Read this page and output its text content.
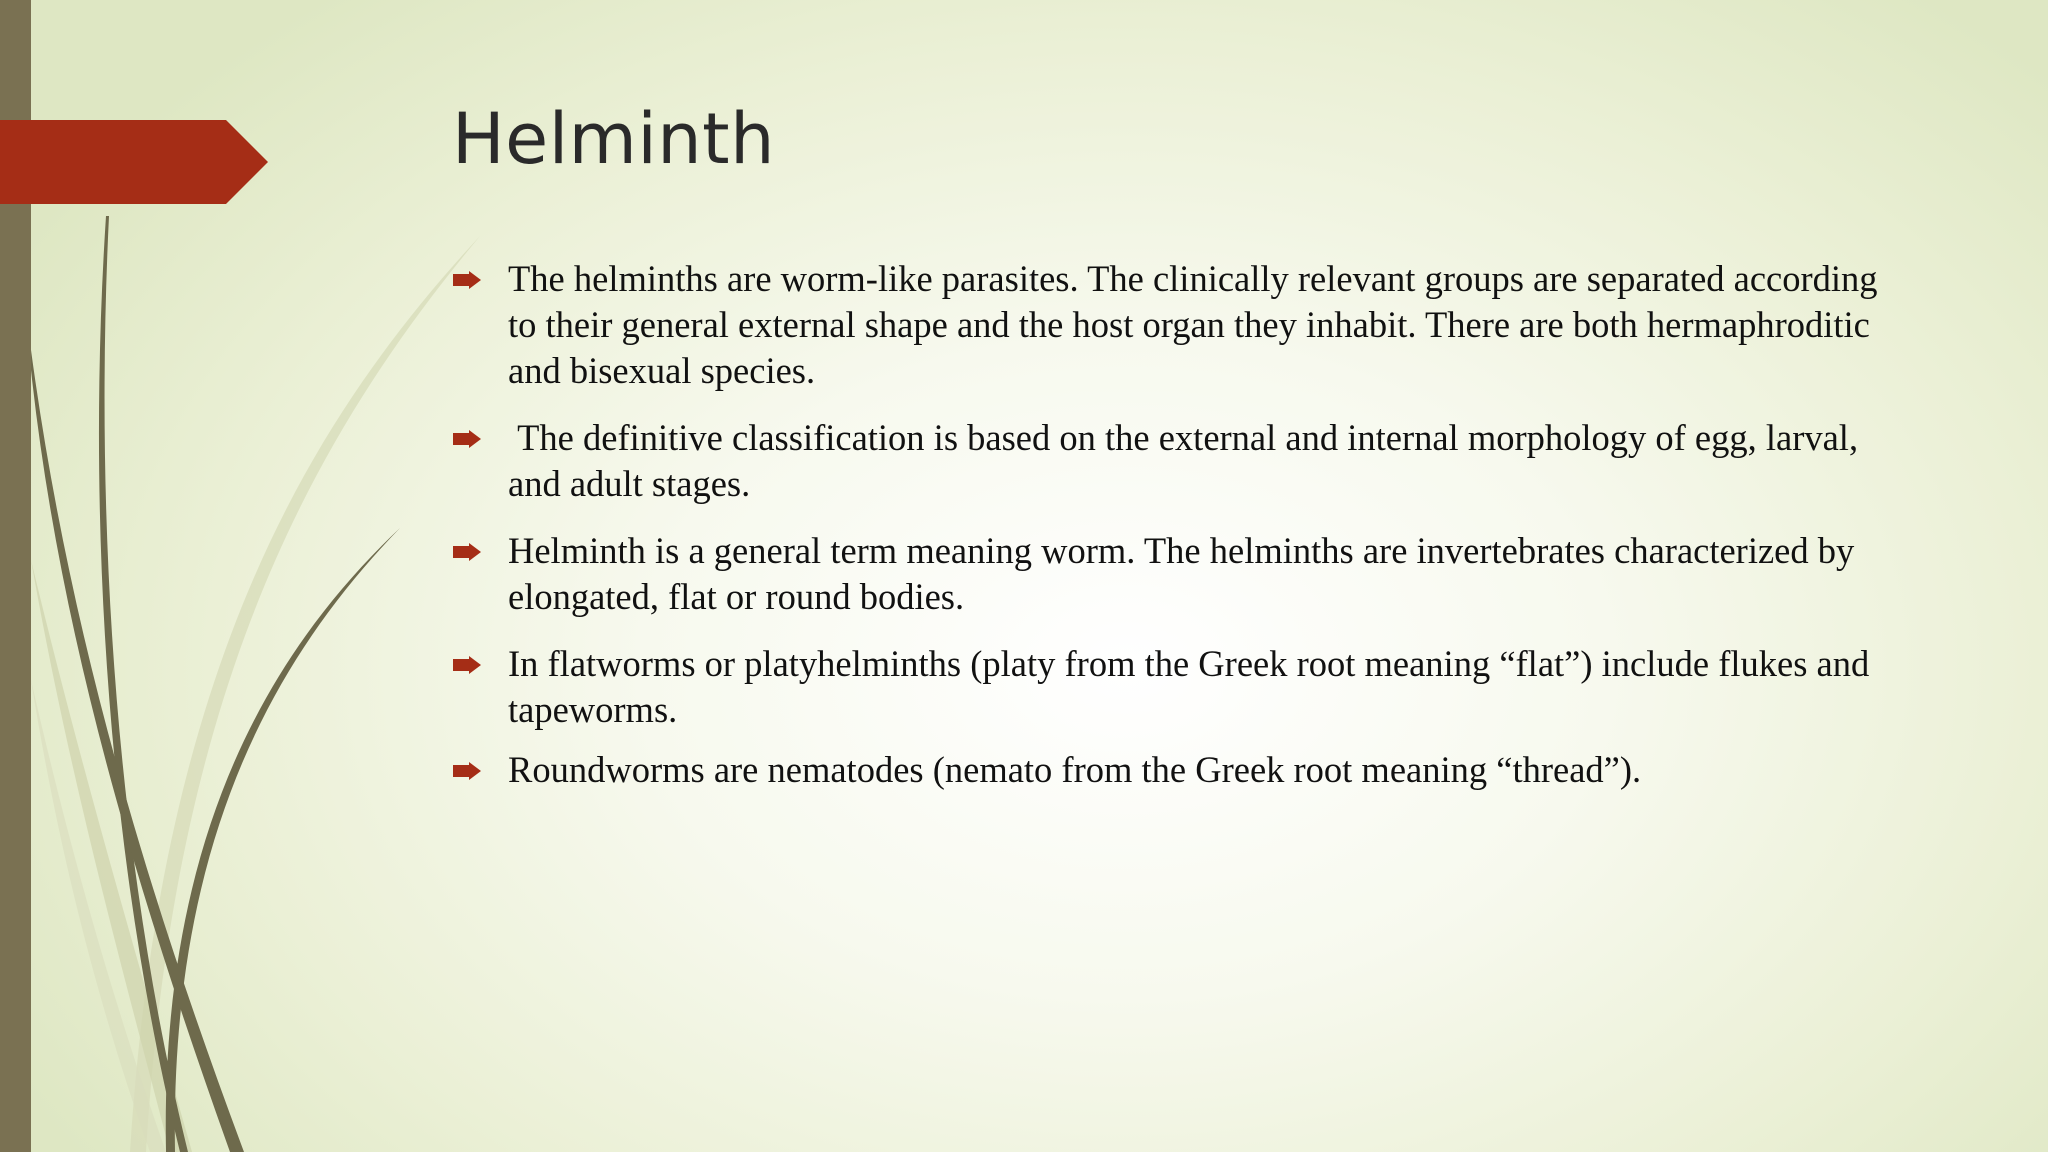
Helminth
The helminths are worm-like parasites. The clinically relevant groups are separated according to their general external shape and the host organ they inhabit. There are both hermaphroditic and bisexual species.
The definitive classification is based on the external and internal morphology of egg, larval, and adult stages.
Helminth is a general term meaning worm. The helminths are invertebrates characterized by elongated, flat or round bodies.
In flatworms or platyhelminths (platy from the Greek root meaning “flat”) include flukes and tapeworms.
Roundworms are nematodes (nemato from the Greek root meaning “thread”).
